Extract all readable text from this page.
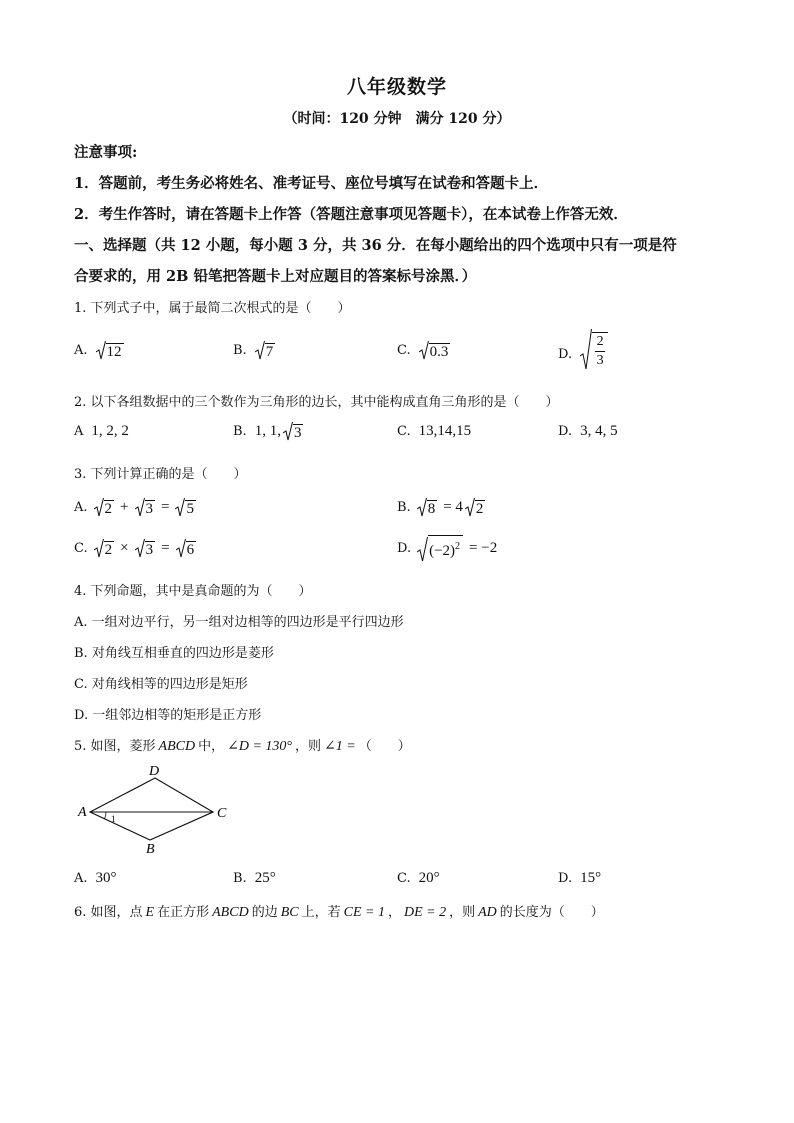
八年级数学
（时间：120 分钟　满分 120 分）
注意事项:
1．答题前，考生务必将姓名、准考证号、座位号填写在试卷和答题卡上．
2．考生作答时，请在答题卡上作答（答题注意事项见答题卡），在本试卷上作答无效．
一、选择题（共 12 小题，每小题 3 分，共 36 分．在每小题给出的四个选项中只有一项是符
合要求的，用 2B 铅笔把答题卡上对应题目的答案标号涂黑．）
1. 下列式子中，属于最简二次根式的是（　　）
A. 12	B. 7	C. 0.3	D.
2
3
2. 以下各组数据中的三个数作为三角形的边长，其中能构成直角三角形的是（　　）
A 1, 2, 2	B. 1, 1, 3	C. 13,14,15	D. 3, 4, 5
3. 下列计算正确的是（　　）
A. 2 + 3 = 5	B. 8 = 4 2
C. 2 × 3 = 6	D. $(-2)^2 = -2$
4. 下列命题，其中是真命题的为（　　）
A. 一组对边平行，另一组对边相等的四边形是平行四边形
B. 对角线互相垂直的四边形是菱形
C. 对角线相等的四边形是矩形
D. 一组邻边相等的矩形是正方形
5. 如图，菱形 ABCD 中， ∠D = 130° ，则 ∠1 = （　　）
A
D
C
B
1
A. 30°	B. 25°	C. 20°	D. 15°
6. 如图，点 E 在正方形 ABCD 的边 BC 上，若 CE = 1 ， DE = 2 ，则 AD 的长度为（　　）
